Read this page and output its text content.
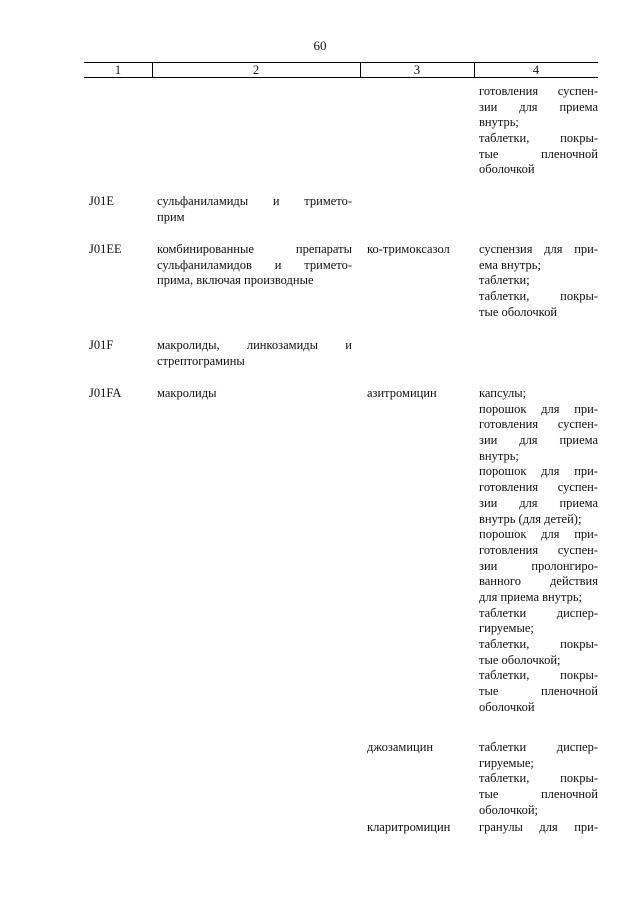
60
1	2	3	4
готовления суспен-
зии для приема
внутрь;
таблетки, покры-
тые пленочной
оболочкой
J01E	сульфаниламиды и тримето-
прим
J01EE	комбинированные препараты
сульфаниламидов и тримето-
прима, включая производные
ко-тримоксазол	суспензия для при-
ема внутрь;
таблетки;
таблетки, покры-
тые оболочкой
J01F	макролиды, линкозамиды и
стрептограмины
J01FA	макролиды	азитромицин	капсулы;
порошок для при-
готовления суспен-
зии для приема
внутрь;
порошок для при-
готовления суспен-
зии для приема
внутрь (для детей);
порошок для при-
готовления суспен-
зии пролонгиро-
ванного действия
для приема внутрь;
таблетки диспер-
гируемые;
таблетки, покры-
тые оболочкой;
таблетки, покры-
тые пленочной
оболочкой
джозамицин	таблетки диспер-
гируемые;
таблетки, покры-
тые пленочной
оболочкой;
кларитромицин	гранулы для при-
